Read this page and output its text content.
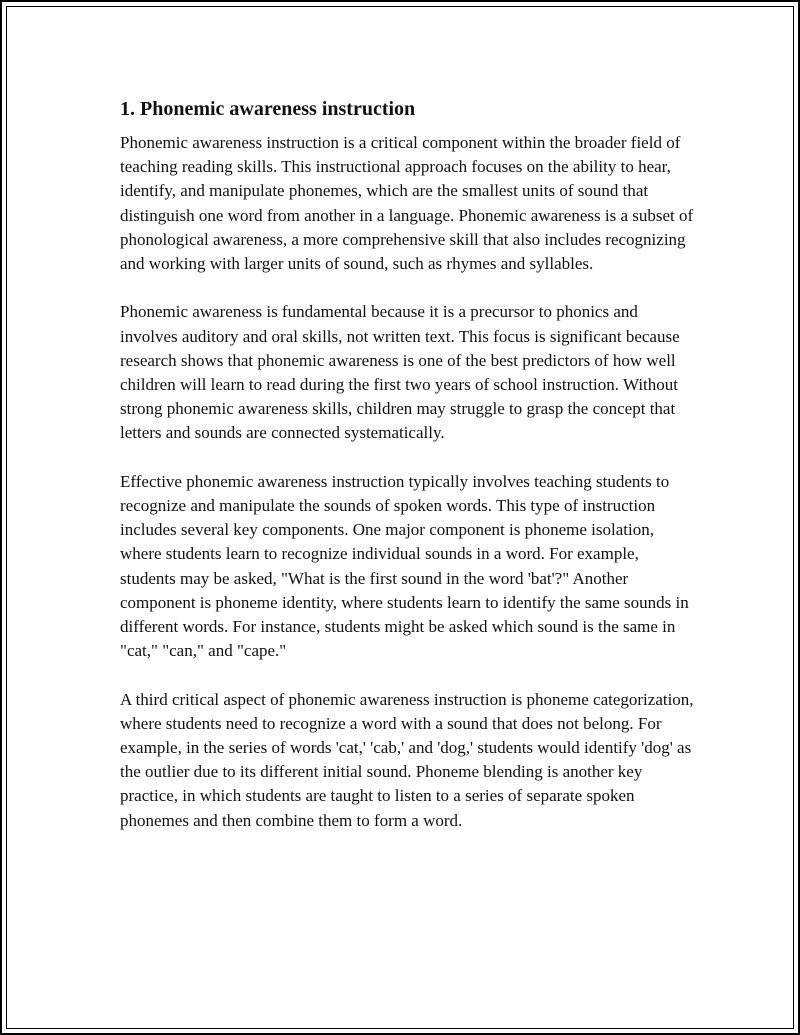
1. Phonemic awareness instruction

Phonemic awareness instruction is a critical component within the broader field of teaching reading skills. This instructional approach focuses on the ability to hear, identify, and manipulate phonemes, which are the smallest units of sound that distinguish one word from another in a language. Phonemic awareness is a subset of phonological awareness, a more comprehensive skill that also includes recognizing and working with larger units of sound, such as rhymes and syllables.

Phonemic awareness is fundamental because it is a precursor to phonics and involves auditory and oral skills, not written text. This focus is significant because research shows that phonemic awareness is one of the best predictors of how well children will learn to read during the first two years of school instruction. Without strong phonemic awareness skills, children may struggle to grasp the concept that letters and sounds are connected systematically.

Effective phonemic awareness instruction typically involves teaching students to recognize and manipulate the sounds of spoken words. This type of instruction includes several key components. One major component is phoneme isolation, where students learn to recognize individual sounds in a word. For example, students may be asked, "What is the first sound in the word 'bat'?" Another component is phoneme identity, where students learn to identify the same sounds in different words. For instance, students might be asked which sound is the same in "cat," "can," and "cape."

A third critical aspect of phonemic awareness instruction is phoneme categorization, where students need to recognize a word with a sound that does not belong. For example, in the series of words 'cat,' 'cab,' and 'dog,' students would identify 'dog' as the outlier due to its different initial sound. Phoneme blending is another key practice, in which students are taught to listen to a series of separate spoken phonemes and then combine them to form a word.
